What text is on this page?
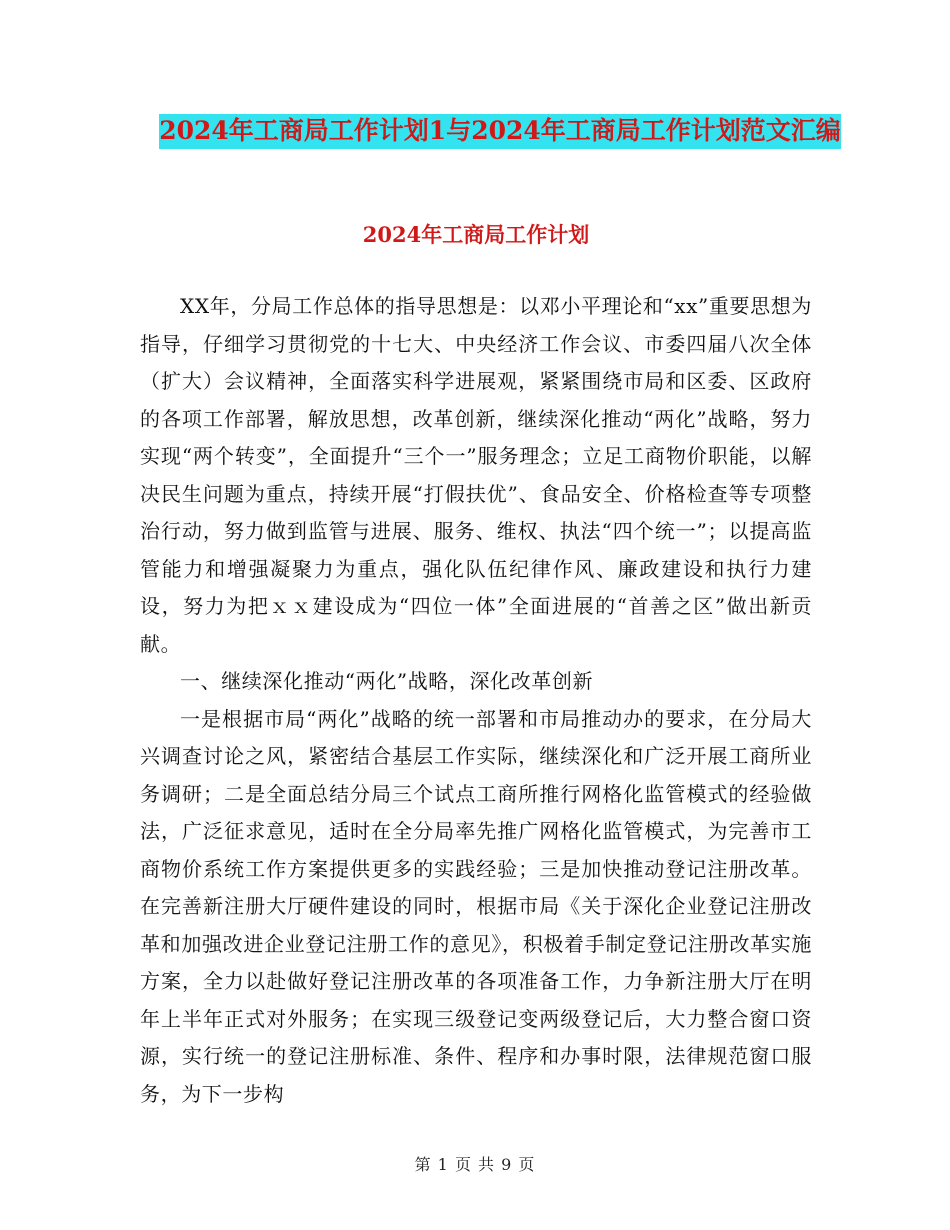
2024年工商局工作计划1与2024年工商局工作计划范文汇编
2024年工商局工作计划

XX年，分局工作总体的指导思想是：以邓小平理论和“xx”重要思想为指导，仔细学习贯彻党的十七大、中央经济工作会议、市委四届八次全体（扩大）会议精神，全面落实科学进展观，紧紧围绕市局和区委、区政府的各项工作部署，解放思想，改革创新，继续深化推动“两化”战略，努力实现“两个转变”，全面提升“三个一”服务理念；立足工商物价职能，以解决民生问题为重点，持续开展“打假扶优”、食品安全、价格检查等专项整治行动，努力做到监管与进展、服务、维权、执法“四个统一”；以提高监管能力和增强凝聚力为重点，强化队伍纪律作风、廉政建设和执行力建设，努力为把ｘｘ建设成为“四位一体”全面进展的“首善之区”做出新贡献。

一、继续深化推动“两化”战略，深化改革创新

一是根据市局“两化”战略的统一部署和市局推动办的要求，在分局大兴调查讨论之风，紧密结合基层工作实际，继续深化和广泛开展工商所业务调研；二是全面总结分局三个试点工商所推行网格化监管模式的经验做法，广泛征求意见，适时在全分局率先推广网格化监管模式，为完善市工商物价系统工作方案提供更多的实践经验；三是加快推动登记注册改革。在完善新注册大厅硬件建设的同时，根据市局《关于深化企业登记注册改革和加强改进企业登记注册工作的意见》，积极着手制定登记注册改革实施方案，全力以赴做好登记注册改革的各项准备工作，力争新注册大厅在明年上半年正式对外服务；在实现三级登记变两级登记后，大力整合窗口资源，实行统一的登记注册标准、条件、程序和办事时限，法律规范窗口服务，为下一步构

第 1 页 共 9 页
